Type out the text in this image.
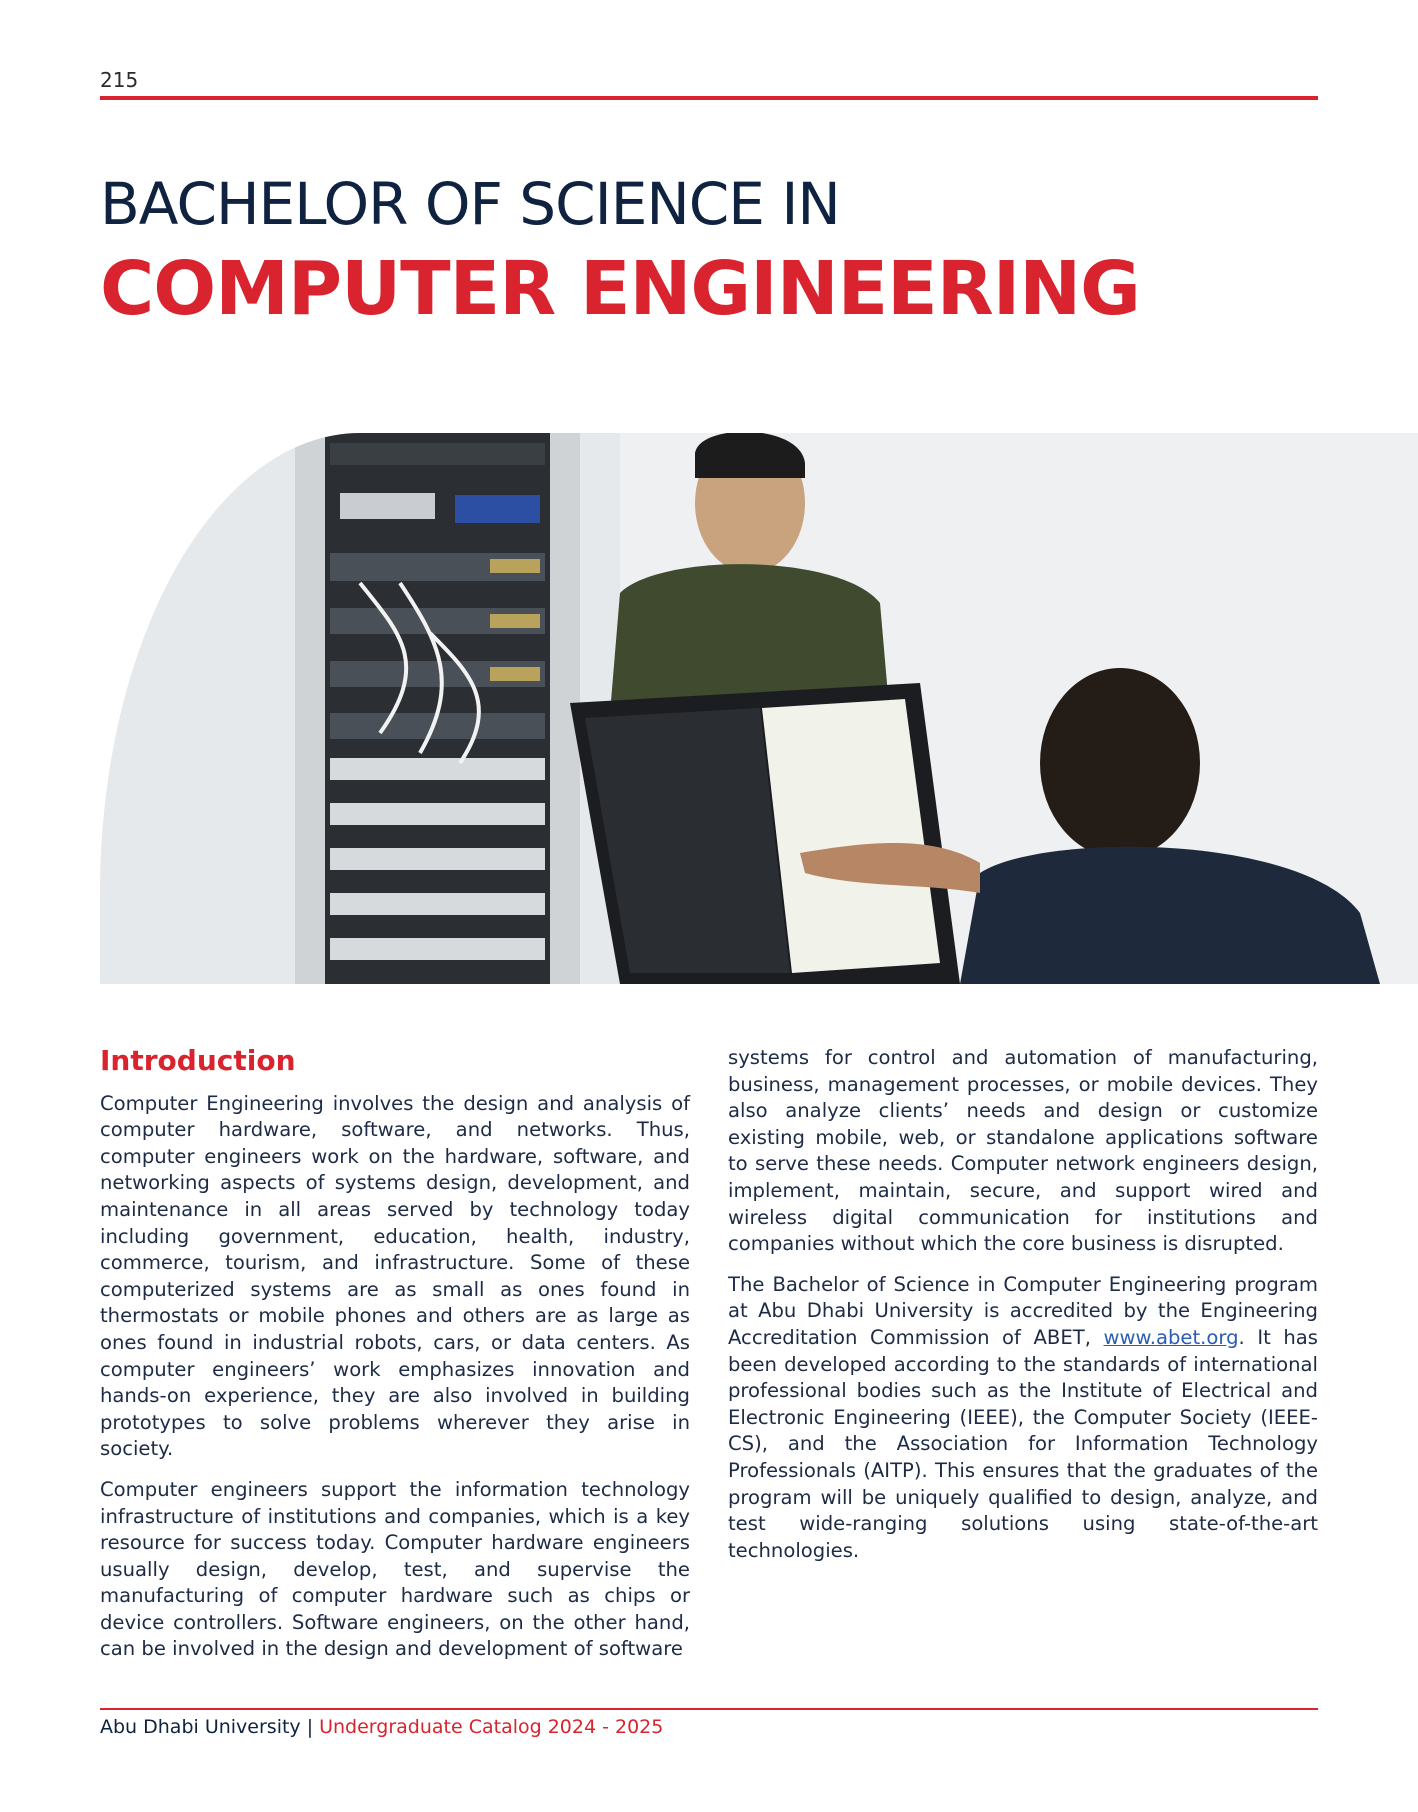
215
BACHELOR OF SCIENCE IN
COMPUTER ENGINEERING
Introduction

Computer Engineering involves the design and analysis of computer hardware, software, and networks. Thus, computer engineers work on the hardware, software, and networking aspects of systems design, development, and maintenance in all areas served by technology today including government, education, health, industry, commerce, tourism, and infrastructure. Some of these computerized systems are as small as ones found in thermostats or mobile phones and others are as large as ones found in industrial robots, cars, or data centers. As computer engineers’ work emphasizes innovation and hands-on experience, they are also involved in building prototypes to solve problems wherever they arise in society.

Computer engineers support the information technology infrastructure of institutions and companies, which is a key resource for success today. Computer hardware engineers usually design, develop, test, and supervise the manufacturing of computer hardware such as chips or device controllers. Software engineers, on the other hand, can be involved in the design and development of software

systems for control and automation of manufacturing, business, management processes, or mobile devices. They also analyze clients’ needs and design or customize existing mobile, web, or standalone applications software to serve these needs. Computer network engineers design, implement, maintain, secure, and support wired and wireless digital communication for institutions and companies without which the core business is disrupted.

The Bachelor of Science in Computer Engineering program at Abu Dhabi University is accredited by the Engineering Accreditation Commission of ABET, www.abet.org. It has been developed according to the standards of international professional bodies such as the Institute of Electrical and Electronic Engineering (IEEE), the Computer Society (IEEE-CS), and the Association for Information Technology Professionals (AITP). This ensures that the graduates of the program will be uniquely qualified to design, analyze, and test wide-ranging solutions using state-of-the-art technologies.

Abu Dhabi University | Undergraduate Catalog 2024 - 2025
